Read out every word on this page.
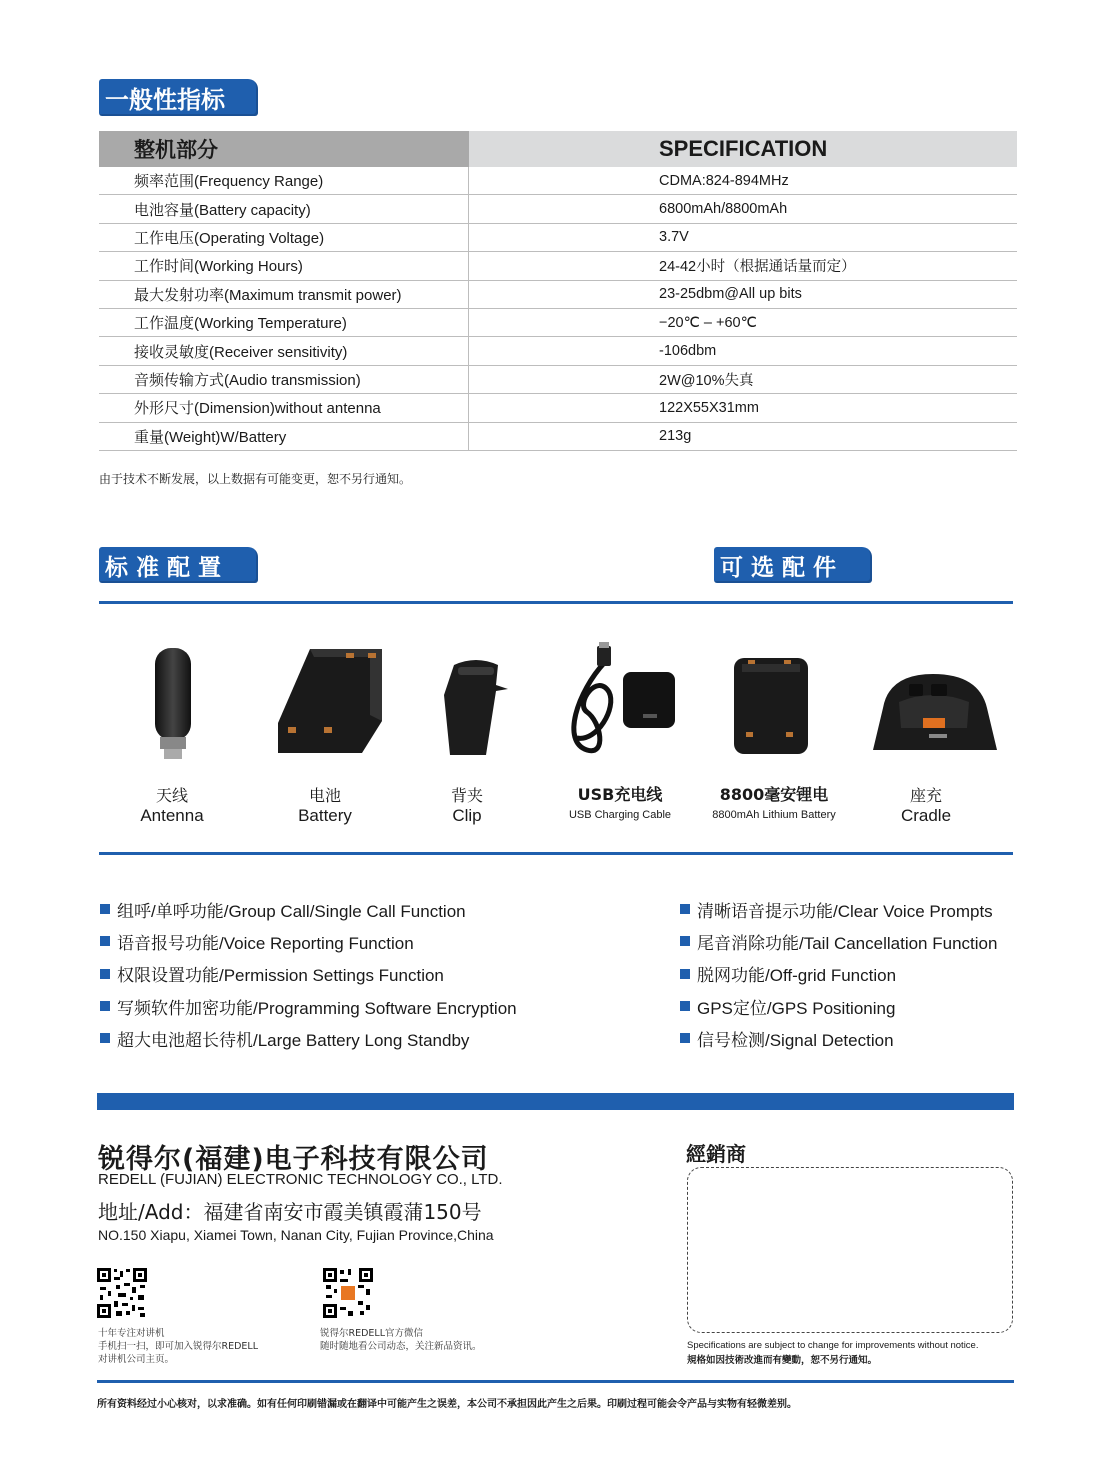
一般性指标
整机部分	SPECIFICATION
频率范围(Frequency Range)	CDMA:824-894MHz
电池容量(Battery capacity)	6800mAh/8800mAh
工作电压(Operating Voltage)	3.7V
工作时间(Working Hours)	24-42小时（根据通话量而定）
最大发射功率(Maximum transmit power)	23-25dbm@All up bits
工作温度(Working Temperature)	−20℃ – +60℃
接收灵敏度(Receiver sensitivity)	-106dbm
音频传输方式(Audio transmission)	2W@10%失真
外形尺寸(Dimension)without antenna	122X55X31mm
重量(Weight)W/Battery	213g
由于技术不断发展，以上数据有可能变更，恕不另行通知。
标 准 配 置	可 选 配 件
天线
Antenna
电池
Battery
背夹
Clip
USB充电线
USB Charging Cable
8800毫安锂电
8800mAh Lithium Battery
座充
Cradle
组呼/单呼功能/Group Call/Single Call Function
语音报号功能/Voice Reporting Function
权限设置功能/Permission Settings Function
写频软件加密功能/Programming Software Encryption
超大电池超长待机/Large Battery Long Standby
清晰语音提示功能/Clear Voice Prompts
尾音消除功能/Tail Cancellation Function
脱网功能/Off-grid Function
GPS定位/GPS Positioning
信号检测/Signal Detection
锐得尔(福建)电子科技有限公司
REDELL (FUJIAN) ELECTRONIC TECHNOLOGY CO., LTD.
地址/Add：福建省南安市霞美镇霞蒲150号
NO.150 Xiapu, Xiamei Town, Nanan City, Fujian Province,China
十年专注对讲机
手机扫一扫，即可加入锐得尔REDELL
对讲机公司主页。
锐得尔REDELL官方微信
随时随地看公司动态，关注新品资讯。
經銷商
Specifications are subject to change for improvements without notice.
規格如因技術改進而有變動，恕不另行通知。
所有资料经过小心核对，以求准确。如有任何印刷错漏或在翻译中可能产生之误差，本公司不承担因此产生之后果。印刷过程可能会令产品与实物有轻微差别。
